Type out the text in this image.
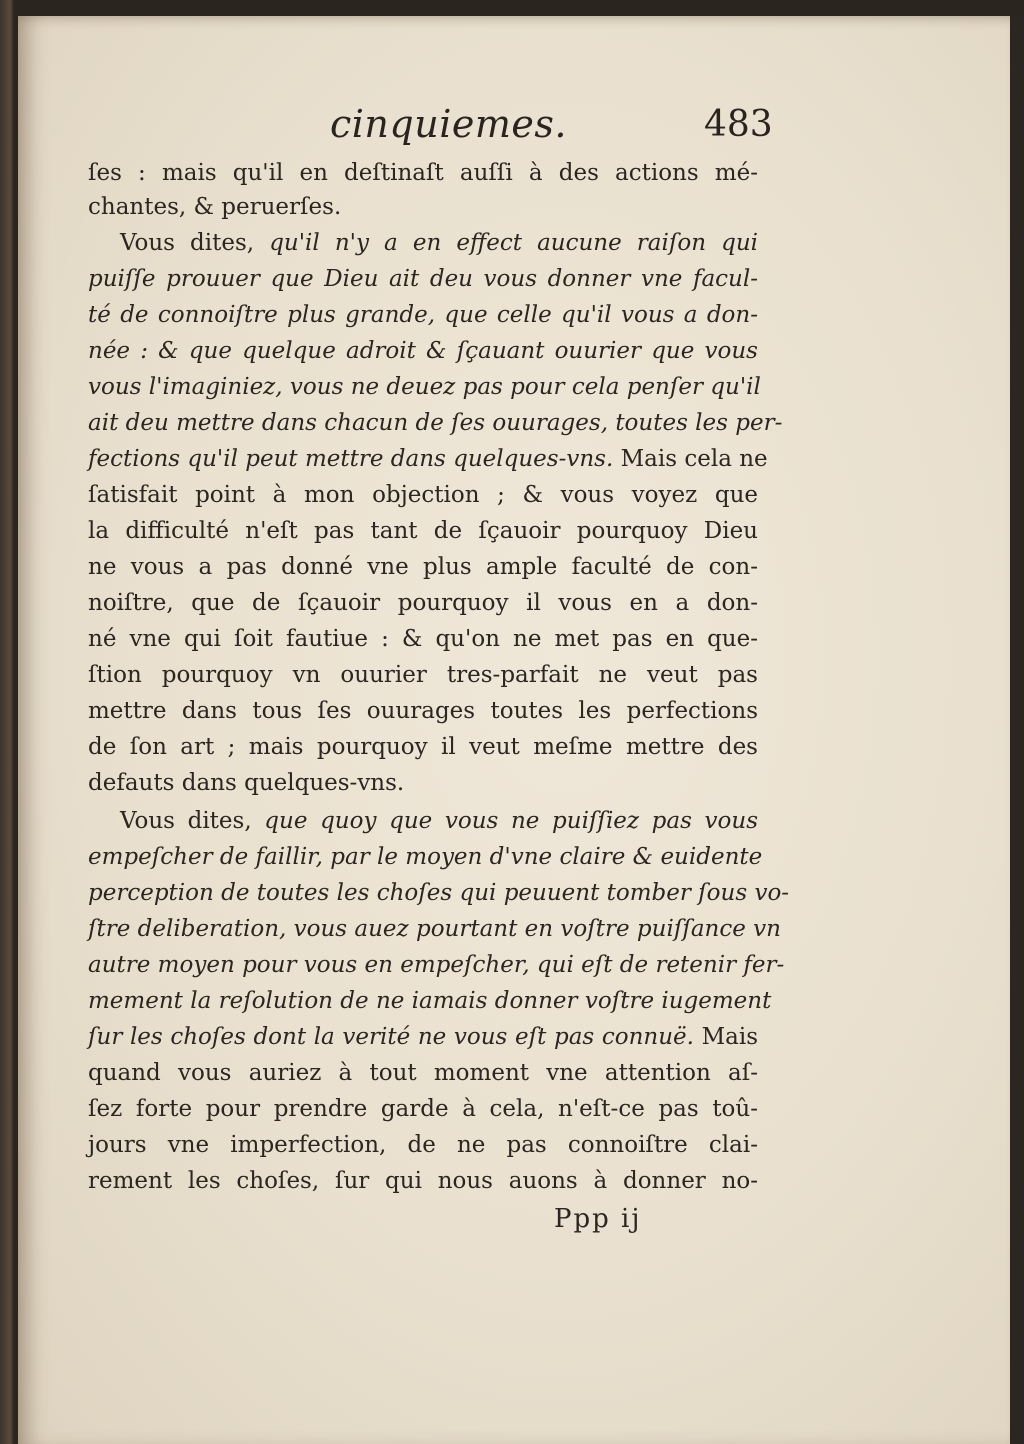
cinquiemes.	483
ſes : mais qu'il en deſtinaſt auſſi à des actions mé-
chantes, & peruerſes.
Vous dites, qu'il n'y a en effect aucune raiſon qui
puiſſe prouuer que Dieu ait deu vous donner vne facul-
té de connoiſtre plus grande, que celle qu'il vous a don-
née : & que quelque adroit & ſçauant ouurier que vous
vous l'imaginiez, vous ne deuez pas pour cela penſer qu'il
ait deu mettre dans chacun de ſes ouurages, toutes les per-
fections qu'il peut mettre dans quelques-vns. Mais cela ne
ſatisfait point à mon objection ; & vous voyez que
la difficulté n'eſt pas tant de ſçauoir pourquoy Dieu
ne vous a pas donné vne plus ample faculté de con-
noiſtre, que de ſçauoir pourquoy il vous en a don-
né vne qui ſoit fautiue : & qu'on ne met pas en que-
ſtion pourquoy vn ouurier tres-parfait ne veut pas
mettre dans tous ſes ouurages toutes les perfections
de ſon art ; mais pourquoy il veut meſme mettre des
defauts dans quelques-vns.
Vous dites, que quoy que vous ne puiſſiez pas vous
empeſcher de faillir, par le moyen d'vne claire & euidente
perception de toutes les choſes qui peuuent tomber ſous vo-
ſtre deliberation, vous auez pourtant en voſtre puiſſance vn
autre moyen pour vous en empeſcher, qui eſt de retenir fer-
mement la reſolution de ne iamais donner voſtre iugement
ſur les choſes dont la verité ne vous eſt pas connuë. Mais
quand vous auriez à tout moment vne attention aſ-
ſez forte pour prendre garde à cela, n'eſt-ce pas toû-
jours vne imperfection, de ne pas connoiſtre clai-
rement les choſes, ſur qui nous auons à donner no-
Ppp ij
